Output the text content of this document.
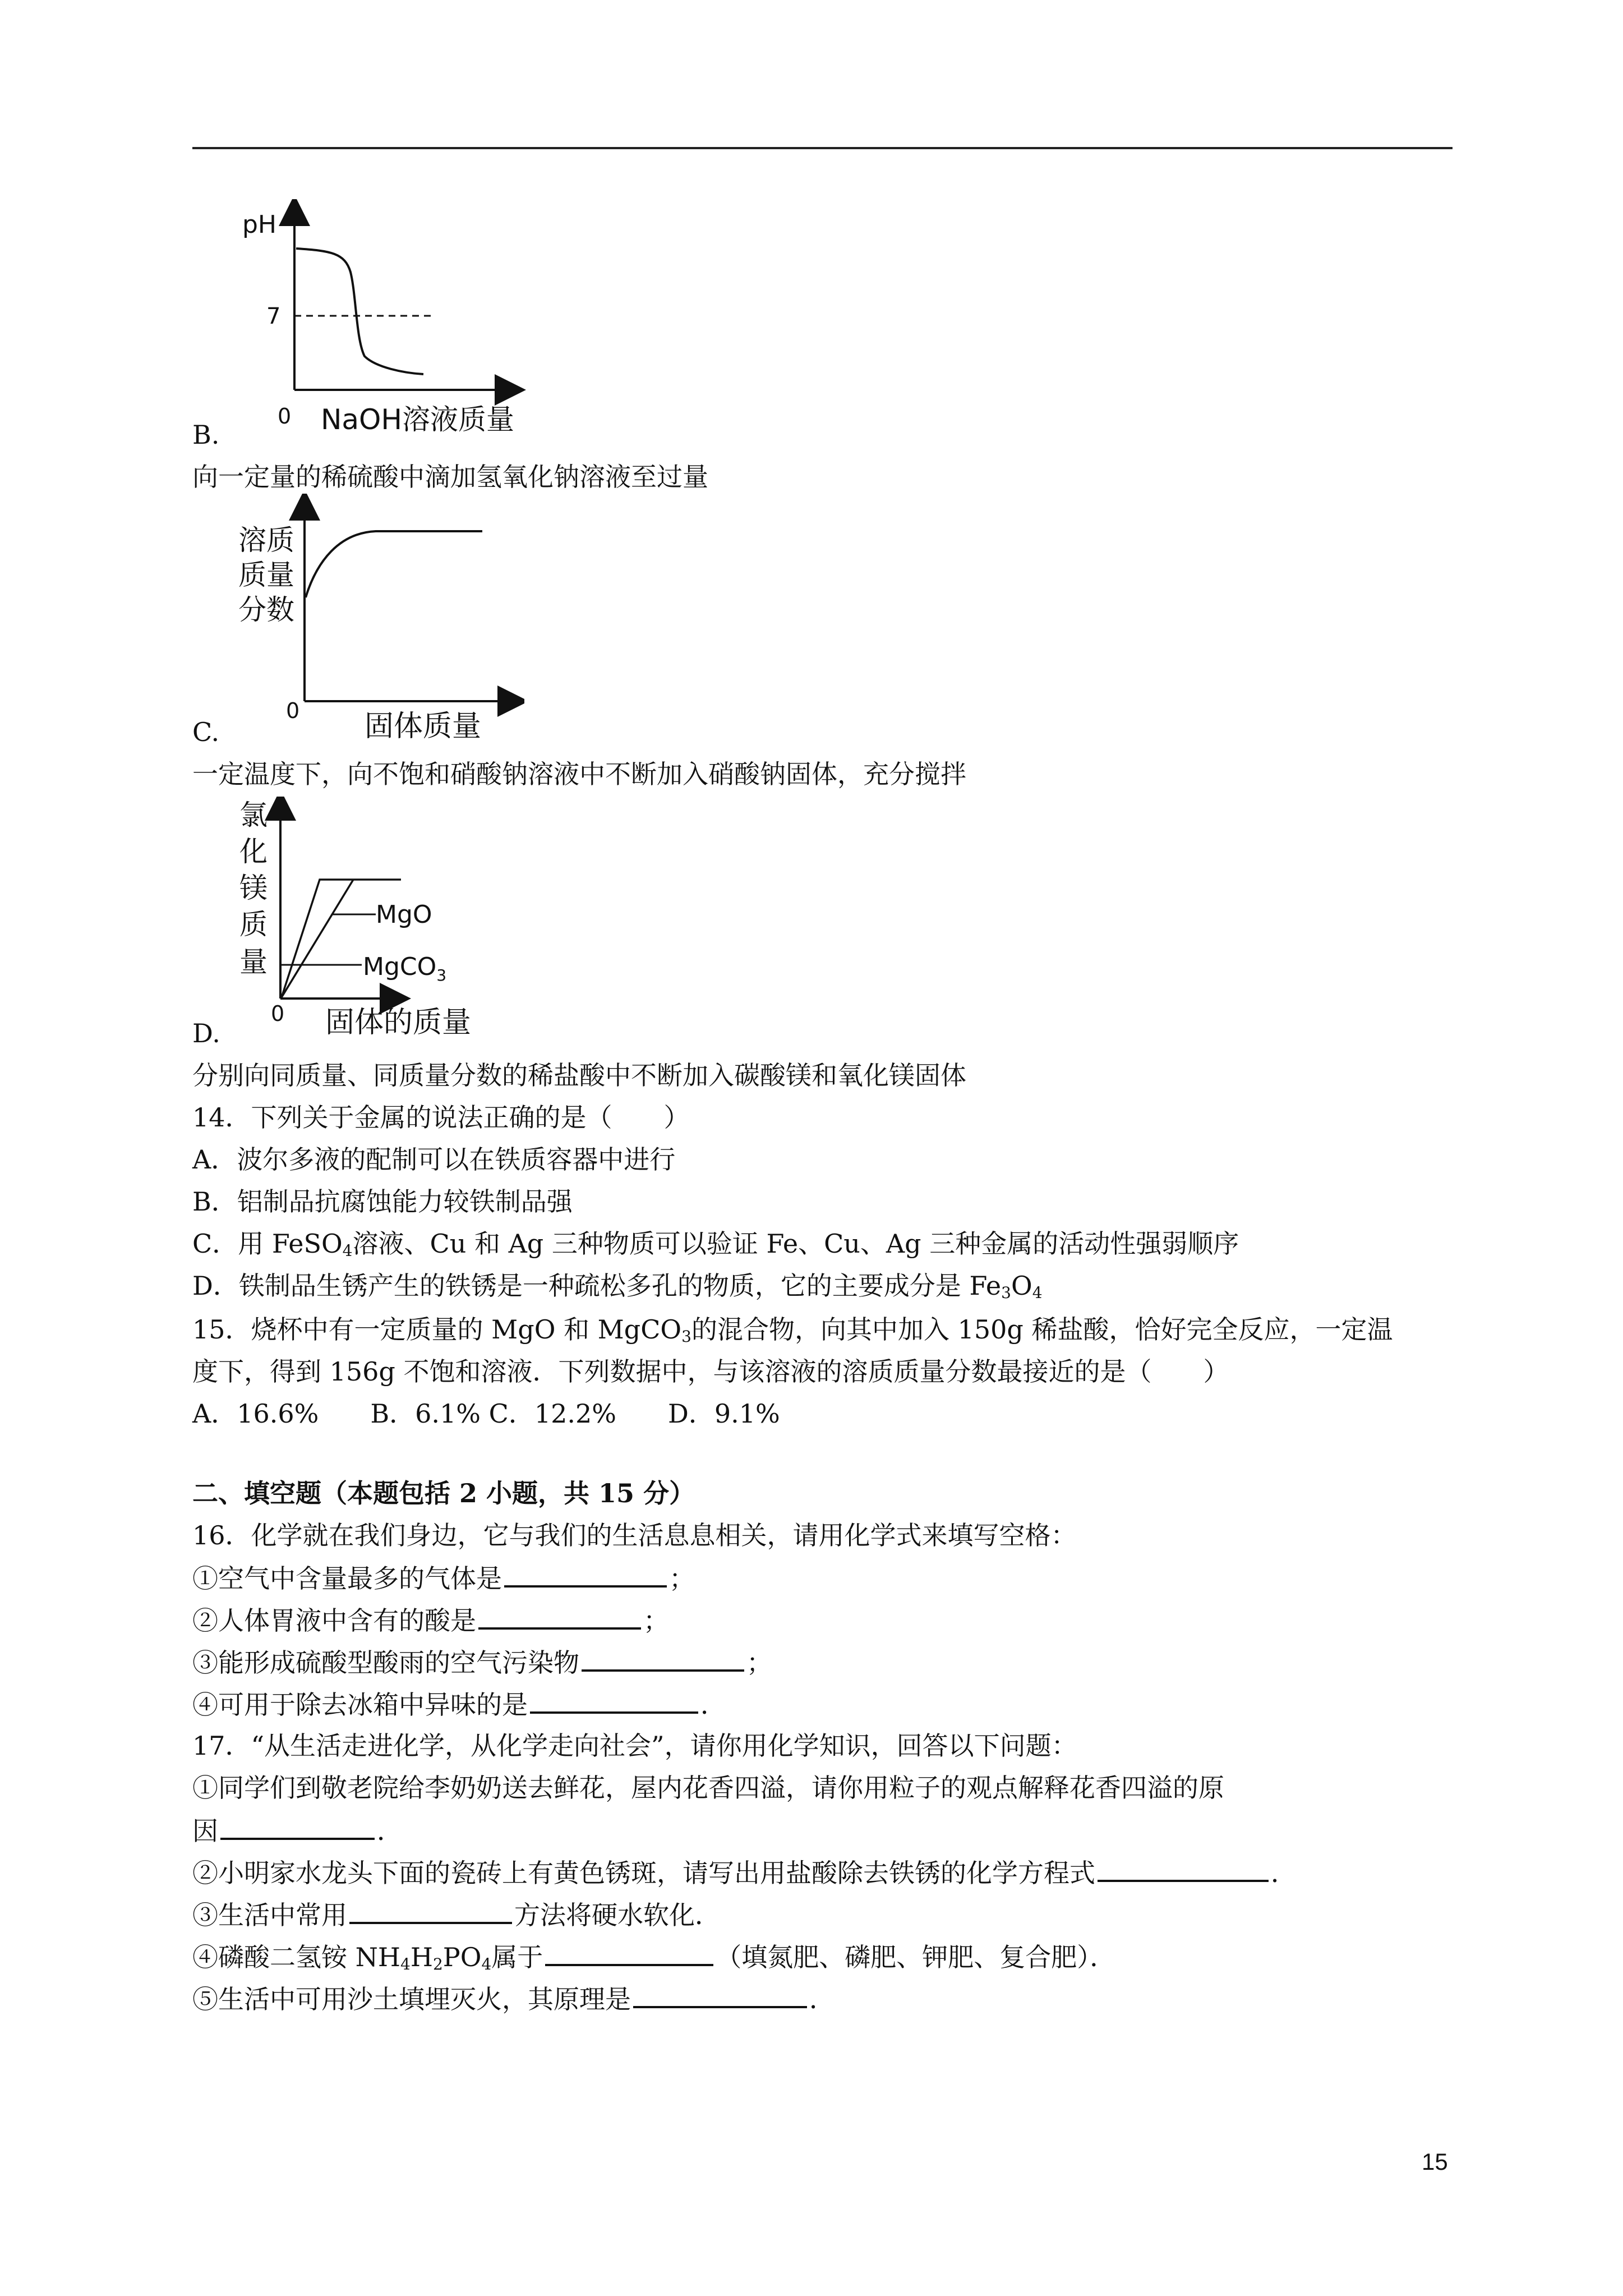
pH
7
0 NaOH溶液质量
B.
向一定量的稀硫酸中滴加氢氧化钠溶液至过量
溶质
质量
分数
0 固体质量
C.
一定温度下，向不饱和硝酸钠溶液中不断加入硝酸钠固体，充分搅拌
MgO
MgCO$_3$
氯
化
镁
质
量
0 固体的质量
D.
分别向同质量、同质量分数的稀盐酸中不断加入碳酸镁和氧化镁固体
14．下列关于金属的说法正确的是（　　）
A．波尔多液的配制可以在铁质容器中进行
B．铝制品抗腐蚀能力较铁制品强
C．用 FeSO$_4$溶液、Cu 和 Ag 三种物质可以验证 Fe、Cu、Ag 三种金属的活动性强弱顺序
D．铁制品生锈产生的铁锈是一种疏松多孔的物质，它的主要成分是 $Fe_3O_4$
15．烧杯中有一定质量的 MgO 和 MgCO$_3$的混合物，向其中加入 150g 稀盐酸，恰好完全反应，一定温
度下，得到 156g 不饱和溶液．下列数据中，与该溶液的溶质质量分数最接近的是（　　）
A．16.6%　　B．6.1% C．12.2%　　D．9.1%
二、填空题（本题包括 2 小题，共 15 分）
16．化学就在我们身边，它与我们的生活息息相关，请用化学式来填写空格：
①空气中含量最多的气体是	；
②人体胃液中含有的酸是	；
③能形成硫酸型酸雨的空气污染物	；
④可用于除去冰箱中异味的是	．
17．“从生活走进化学，从化学走向社会”，请你用化学知识，回答以下问题：
①同学们到敬老院给李奶奶送去鲜花，屋内花香四溢，请你用粒子的观点解释花香四溢的原
因	．
②小明家水龙头下面的瓷砖上有黄色锈斑，请写出用盐酸除去铁锈的化学方程式	．
③生活中常用	方法将硬水软化．
④磷酸二氢铵 $NH_4H_2PO_4$属于	（填氮肥、磷肥、钾肥、复合肥）．
⑤生活中可用沙土填埋灭火，其原理是	．
15
